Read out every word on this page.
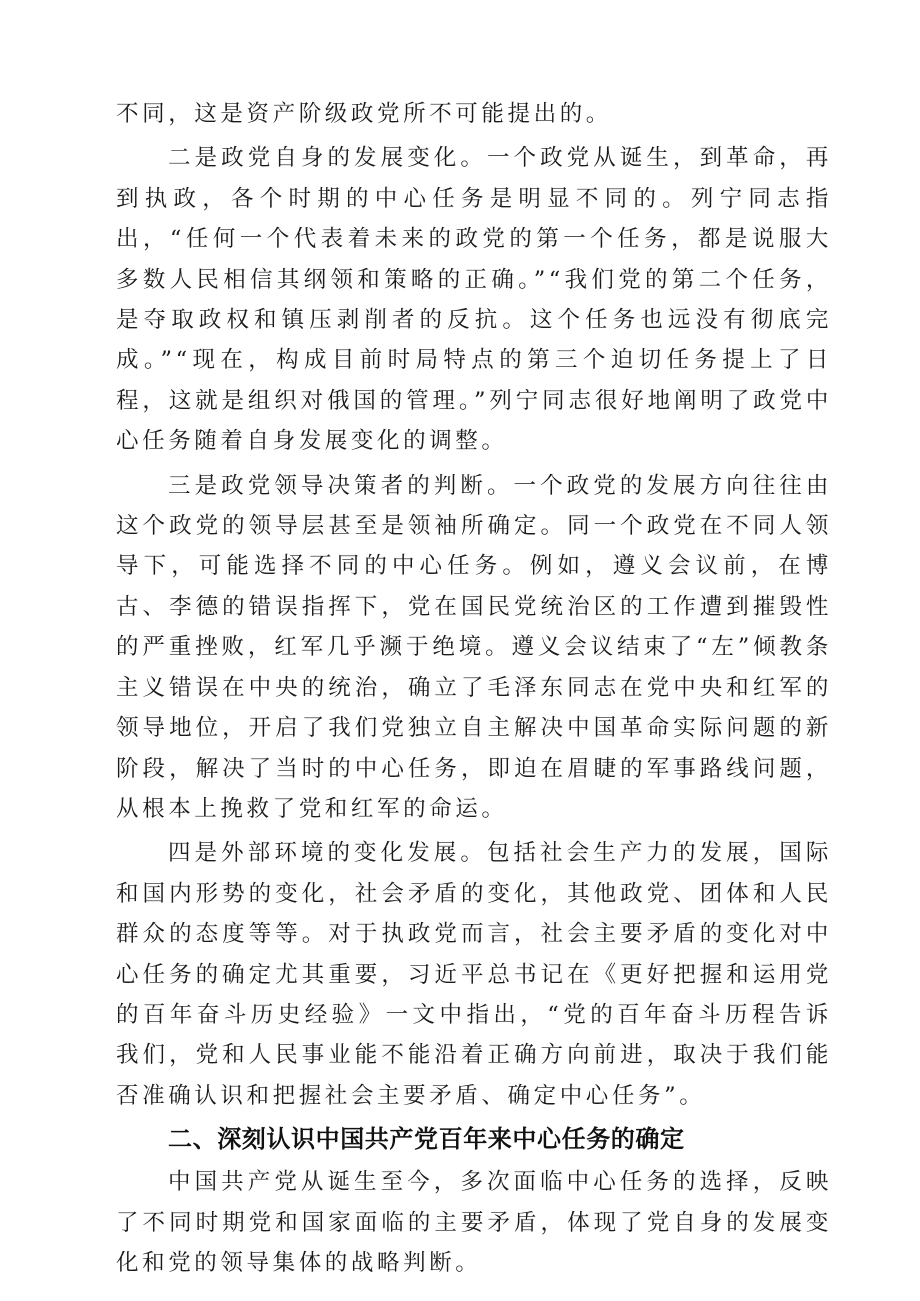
不同，这是资产阶级政党所不可能提出的。

二是政党自身的发展变化。一个政党从诞生，到革命，再到执政，各个时期的中心任务是明显不同的。列宁同志指出，“任何一个代表着未来的政党的第一个任务，都是说服大多数人民相信其纲领和策略的正确。”“我们党的第二个任务，是夺取政权和镇压剥削者的反抗。这个任务也远没有彻底完成。”“现在，构成目前时局特点的第三个迫切任务提上了日程，这就是组织对俄国的管理。”列宁同志很好地阐明了政党中心任务随着自身发展变化的调整。

三是政党领导决策者的判断。一个政党的发展方向往往由这个政党的领导层甚至是领袖所确定。同一个政党在不同人领导下，可能选择不同的中心任务。例如，遵义会议前，在博古、李德的错误指挥下，党在国民党统治区的工作遭到摧毁性的严重挫败，红军几乎濒于绝境。遵义会议结束了“左”倾教条主义错误在中央的统治，确立了毛泽东同志在党中央和红军的领导地位，开启了我们党独立自主解决中国革命实际问题的新阶段，解决了当时的中心任务，即迫在眉睫的军事路线问题，从根本上挽救了党和红军的命运。

四是外部环境的变化发展。包括社会生产力的发展，国际和国内形势的变化，社会矛盾的变化，其他政党、团体和人民群众的态度等等。对于执政党而言，社会主要矛盾的变化对中心任务的确定尤其重要，习近平总书记在《更好把握和运用党的百年奋斗历史经验》一文中指出，“党的百年奋斗历程告诉我们，党和人民事业能不能沿着正确方向前进，取决于我们能否准确认识和把握社会主要矛盾、确定中心任务”。

二、深刻认识中国共产党百年来中心任务的确定

中国共产党从诞生至今，多次面临中心任务的选择，反映了不同时期党和国家面临的主要矛盾，体现了党自身的发展变化和党的领导集体的战略判断。
